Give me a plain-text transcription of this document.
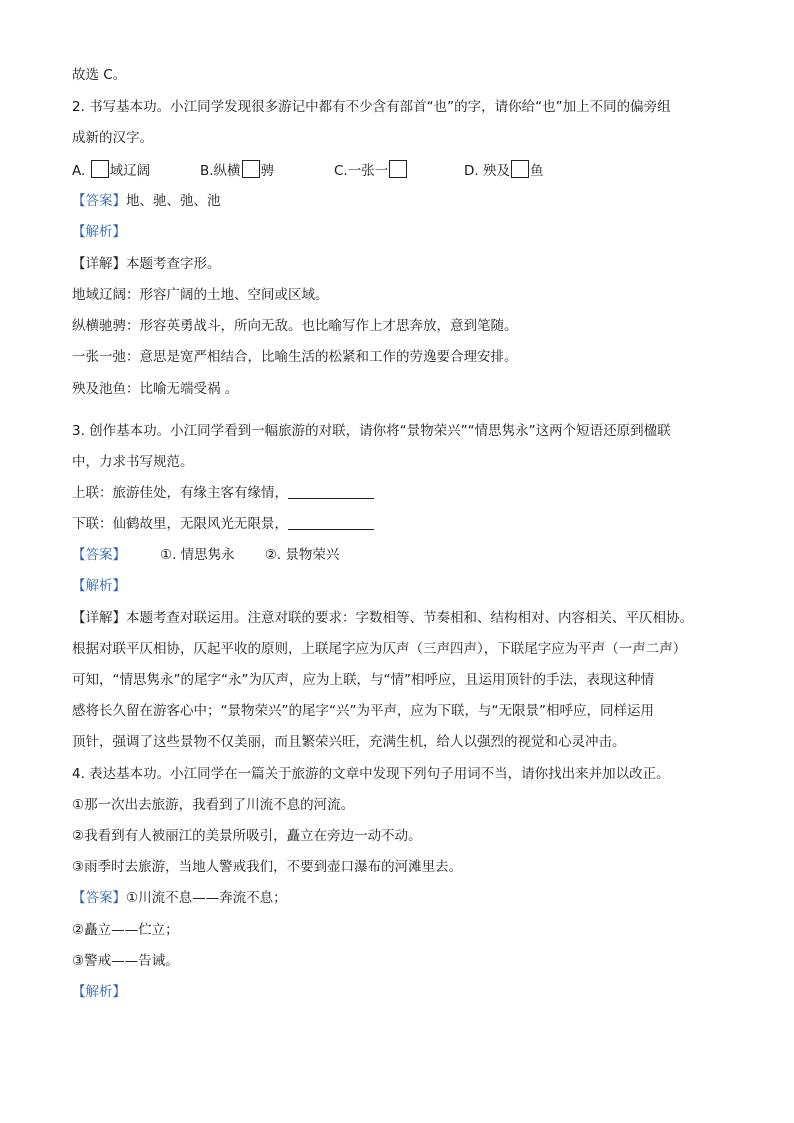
故选 C。
2. 书写基本功。小江同学发现很多游记中都有不少含有部首“也”的字，请你给“也”加上不同的偏旁组
成新的汉字。
A. 域辽阔	B.纵横 骋	C.一张一	D. 殃及 鱼
【答案】地、驰、弛、池
【解析】
【详解】本题考查字形。
地域辽阔：形容广阔的土地、空间或区域。
纵横驰骋：形容英勇战斗，所向无敌。也比喻写作上才思奔放，意到笔随。
一张一弛：意思是宽严相结合，比喻生活的松紧和工作的劳逸要合理安排。
殃及池鱼：比喻无端受祸 。
3. 创作基本功。小江同学看到一幅旅游的对联，请你将“景物荣兴”“情思隽永”这两个短语还原到楹联
中，力求书写规范。
上联：旅游佳处，有缘主客有缘情，
下联：仙鹤故里，无限风光无限景，
【答案】	①. 情思隽永 ②. 景物荣兴
【解析】
【详解】本题考查对联运用。注意对联的要求：字数相等、节奏相和、结构相对、内容相关、平仄相协。
根据对联平仄相协，仄起平收的原则，上联尾字应为仄声（三声四声），下联尾字应为平声（一声二声）
可知，“情思隽永”的尾字“永”为仄声，应为上联，与“情”相呼应，且运用顶针的手法，表现这种情
感将长久留在游客心中；“景物荣兴”的尾字“兴”为平声，应为下联，与“无限景”相呼应，同样运用
顶针，强调了这些景物不仅美丽，而且繁荣兴旺，充满生机，给人以强烈的视觉和心灵冲击。
4. 表达基本功。小江同学在一篇关于旅游的文章中发现下列句子用词不当，请你找出来并加以改正。
①那一次出去旅游，我看到了川流不息的河流。
②我看到有人被丽江的美景所吸引，矗立在旁边一动不动。
③雨季时去旅游，当地人警戒我们，不要到壶口瀑布的河滩里去。
【答案】①川流不息——奔流不息；
②矗立——伫立；
③警戒——告诫。
【解析】
